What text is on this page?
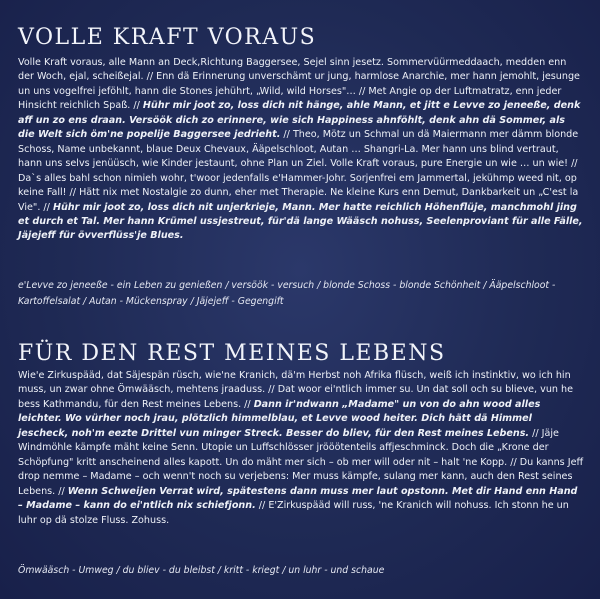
VOLLE KRAFT VORAUS

Volle Kraft voraus, alle Mann an Deck,Richtung Baggersee, Sejel sinn jesetz. Sommervüürmeddaach, medden enn der Woch, ejal, scheißejal. // Enn dä Erinnerung unverschämt ur jung, harmlose Anarchie, mer hann jemohlt, jesunge un uns vogelfrei jeföhlt, hann die Stones jehührt, „Wild, wild Horses"… // Met Angie op der Luftmatratz, enn jeder Hinsicht reichlich Spaß. // Hühr mir joot zo, loss dich nit hänge, ahle Mann, et jitt e Levve zo jeneeße, denk aff un zo ens draan. Versöök dich zo erinnere, wie sich Happiness ahnföhlt, denk ahn dä Sommer, als die Welt sich öm'ne popelije Baggersee jedrieht. // Theo, Mötz un Schmal un dä Maiermann mer dämm blonde Schoss, Name unbekannt, blaue Deux Chevaux, Ääpelschloot, Autan … Shangri-La. Mer hann uns blind vertraut, hann uns selvs jenüüsch, wie Kinder jestaunt, ohne Plan un Ziel. Volle Kraft voraus, pure Energie un wie … un wie! // Da`s alles bahl schon nimieh wohr, t'woor jedenfalls e'Hammer-Johr. Sorjenfrei em Jammertal, jekühmp weed nit, op keine Fall! // Hätt nix met Nostalgie zo dunn, eher met Therapie. Ne kleine Kurs enn Demut, Dankbarkeit un „C'est la Vie". // Hühr mir joot zo, loss dich nit unjerkrieje, Mann. Mer hatte reichlich Höhenflüje, manchmohl jing et durch et Tal. Mer hann Krümel ussjestreut, für'dä lange Wääsch nohuss, Seelenproviant für alle Fälle, Jäjejeff für övverflüss'je Blues.

e'Levve zo jeneeße - ein Leben zu genießen / versöök - versuch / blonde Schoss - blonde Schönheit / Ääpelschloot - Kartoffelsalat / Autan - Mückenspray / Jäjejeff - Gegengift

FÜR DEN REST MEINES LEBENS

Wie'e Zirkuspääd, dat Säjespän rüsch, wie'ne Kranich, dä'm Herbst noh Afrika flüsch, weiß ich instinktiv, wo ich hin muss, un zwar ohne Ömwääsch, mehtens jraaduss. // Dat woor ei'ntlich immer su. Un dat soll och su blieve, vun he bess Kathmandu, für den Rest meines Lebens. // Dann ir'ndwann „Madame" un von do ahn wood alles leichter. Wo vürher noch jrau, plötzlich himmelblau, et Levve wood heiter. Dich hätt dä Himmel jescheck, noh'm eezte Drittel vun minger Streck. Besser do bliev, für den Rest meines Lebens. // Jäje Windmöhle kämpfe mäht keine Senn. Utopie un Luffschlösser jrööötenteils affjeschminck. Doch die „Krone der Schöpfung" kritt anscheinend alles kapott. Un do mäht mer sich – ob mer will oder nit – halt 'ne Kopp. // Du kanns Jeff drop nemme – Madame – och wenn't noch su verjebens: Mer muss kämpfe, sulang mer kann, auch den Rest seines Lebens. // Wenn Schweijen Verrat wird, spätestens dann muss mer laut opstonn. Met dir Hand enn Hand – Madame – kann do ei'ntlich nix schiefjonn. // E'Zirkuspääd will russ, 'ne Kranich will nohuss. Ich stonn he un luhr op dä stolze Fluss. Zohuss.

Ömwääsch - Umweg / du bliev - du bleibst / kritt - kriegt / un luhr - und schaue
